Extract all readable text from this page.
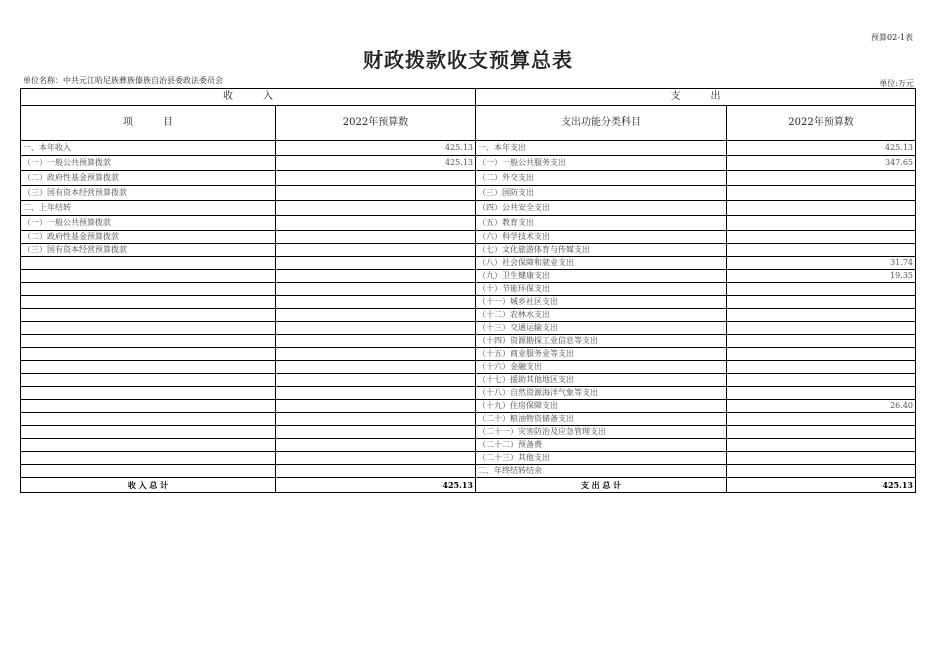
预算02-1表
财政拨款收支预算总表
单位名称：中共元江哈尼族彝族傣族自治县委政法委员会	单位:万元
收　　　入		支　　　出	
项　　　目	2022年预算数	支出功能分类科目	2022年预算数
一、本年收入	425.13	一、本年支出	425.13
（一）一般公共预算拨款	425.13	（一）一般公共服务支出	347.65
（二）政府性基金预算拨款		（二）外交支出	
（三）国有资本经营预算拨款		（三）国防支出	
二、上年结转		（四）公共安全支出	
（一）一般公共预算拨款		（五）教育支出	
（二）政府性基金预算拨款		（六）科学技术支出	
（三）国有资本经营预算拨款		（七）文化旅游体育与传媒支出	
		（八）社会保障和就业支出	31.74
		（九）卫生健康支出	19.35
		（十）节能环保支出	
		（十一）城乡社区支出	
		（十二）农林水支出	
		（十三）交通运输支出	
		（十四）资源勘探工业信息等支出	
		（十五）商业服务业等支出	
		（十六）金融支出	
		（十七）援助其他地区支出	
		（十八）自然资源海洋气象等支出	
		（十九）住房保障支出	26.40
		（二十）粮油物资储备支出	
		（二十一）灾害防治及应急管理支出	
		（二十二）预备费	
		（二十三）其他支出	
		二、年终结转结余	
收 入 总 计	425.13	支 出 总 计	425.13
